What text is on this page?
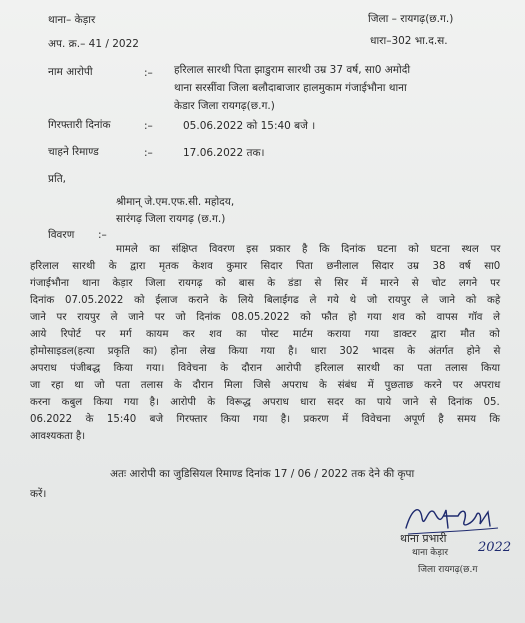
थाना– केड़ार
अप. क्र.– 41 / 2022
जिला – रायगढ़(छ.ग.)
धारा–302 भा.द.स.
नाम आरोपी	:– हरिलाल सारथी पिता झाडुराम सारथी उम्र 37 वर्ष, सा0 अमोदी
थाना सरसींवा जिला बलौदाबाजार हालमुकाम गंजाईभौना थाना
केडार जिला रायगढ़(छ.ग.)
गिरफ्तारी दिनांक	:–	05.06.2022 को 15:40 बजे ।
चाहने रिमाण्ड	:–	17.06.2022 तक।
प्रति,
श्रीमान् जे.एम.एफ.सी. महोदय,
सारंगढ़ जिला रायगढ़ (छ.ग.)
विवरण :–
मामले का संक्षिप्त विवरण इस प्रकार है कि दिनांक घटना को घटना स्थल पर
हरिलाल सारथी के द्वारा मृतक केशव कुमार सिदार पिता छनीलाल सिदार उम्र 38 वर्ष सा0
गंजाईभौना थाना केड़ार जिला रायगढ़ को बास के डंडा से सिर में मारने से चोट लगने पर
दिनांक 07.05.2022 को ईलाज कराने के लिये बिलाईगढ ले गये थे जो रायपुर ले जाने को कहे
जाने पर रायपुर ले जाने पर जो दिनांक 08.05.2022 को फौत हो गया शव को वापस गॉव ले
आये रिपोर्ट पर मर्ग कायम कर शव का पोस्ट मार्टम कराया गया डाक्टर द्वारा मौत को
होमोसाइडल(हत्या प्रकृति का) होना लेख किया गया है। धारा 302 भादस के अंतर्गत होने से
अपराध पंजीबद्ध किया गया। विवेचना के दौरान आरोपी हरिलाल सारथी का पता तलास किया
जा रहा था जो पता तलास के दौरान मिला जिसे अपराध के संबंध में पुछताछ करने पर अपराध
करना कबुल किया गया है। आरोपी के विरूद्ध अपराध धारा सदर का पाये जाने से दिनांक 05.
06.2022 के 15:40 बजे गिरफ्तार किया गया है। प्रकरण में विवेचना अपूर्ण है समय कि
आवश्यकता है।
अतः आरोपी का जुडिसियल रिमाण्ड दिनांक 17 / 06 / 2022 तक देने की कृपा
करें।
थाना प्रभारी
थाना केड़ार 2022
जिला रायगढ़(छ.ग
